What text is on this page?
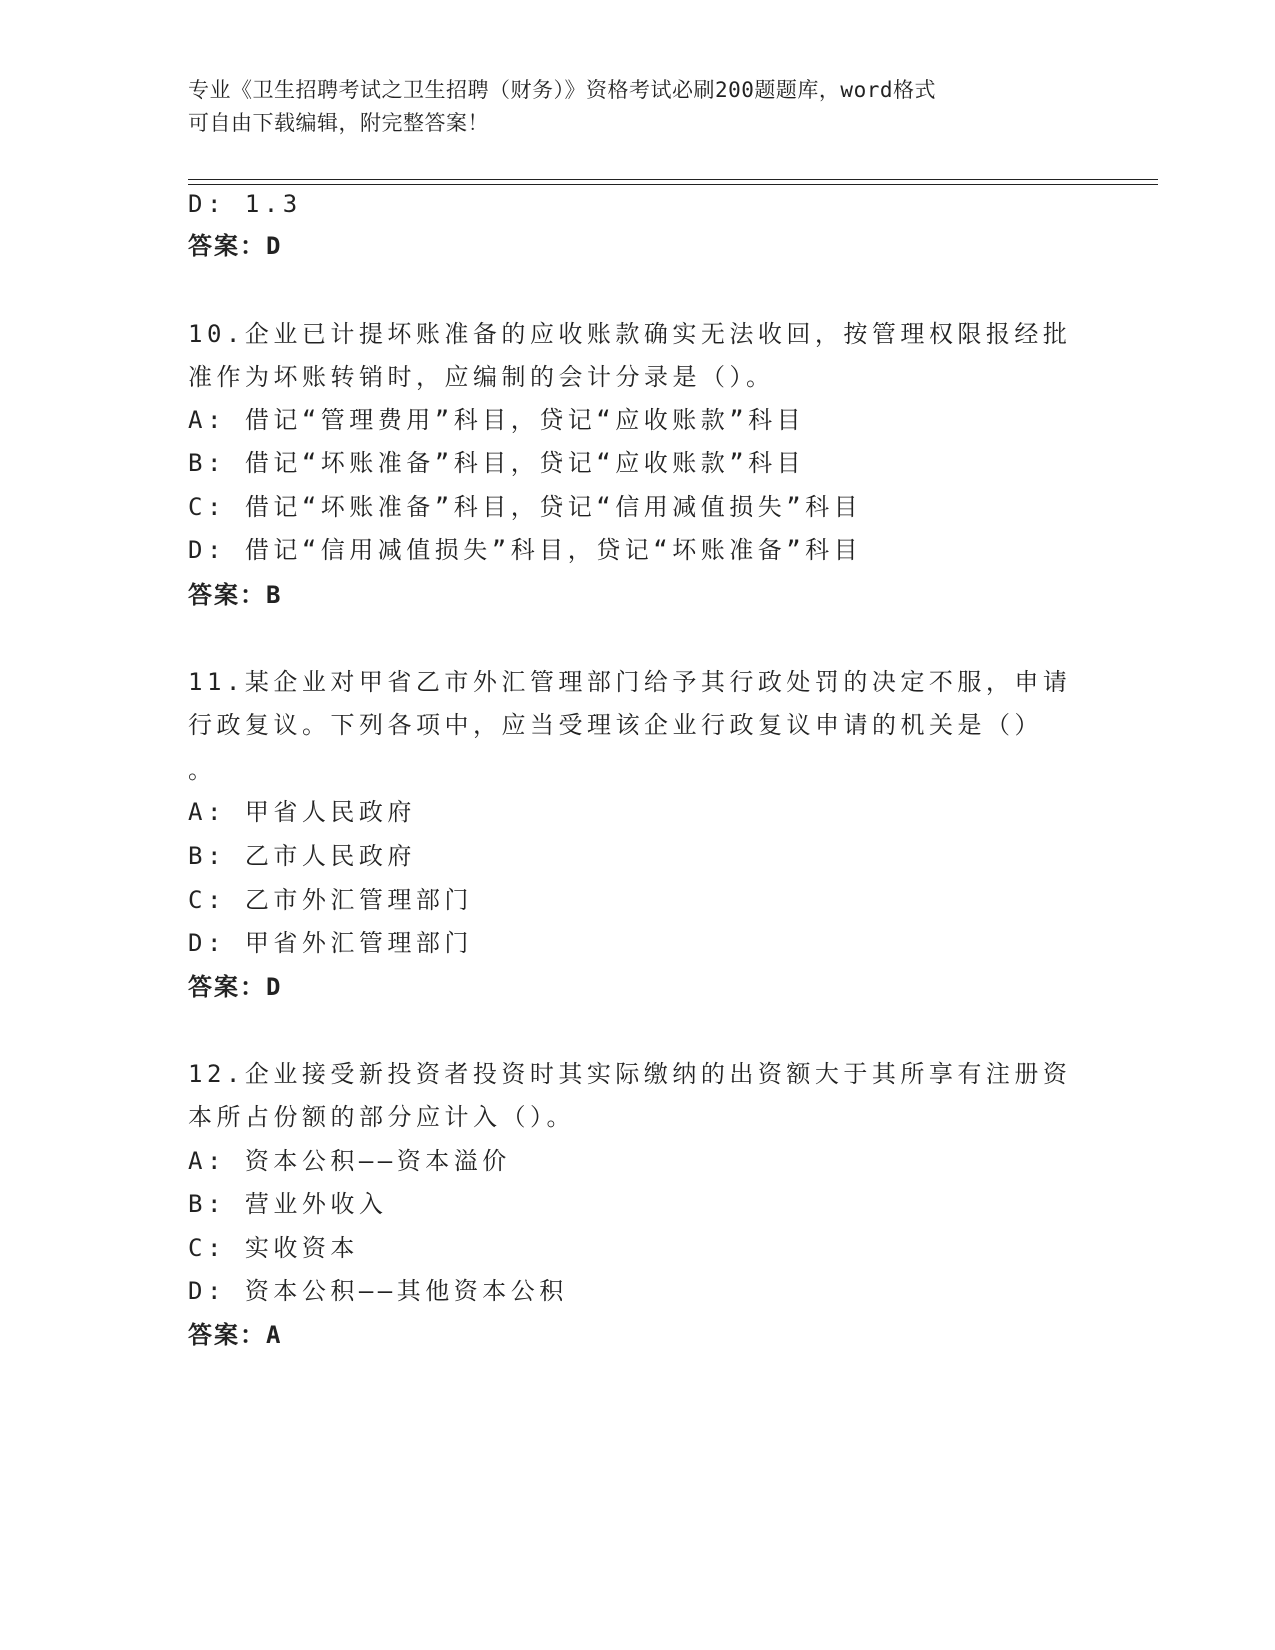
专业《卫生招聘考试之卫生招聘（财务）》资格考试必刷200题题库，word格式
可自由下载编辑，附完整答案！
D: 1.3
答案：D
10.企业已计提坏账准备的应收账款确实无法收回，按管理权限报经批
准作为坏账转销时，应编制的会计分录是（）。
A: 借记“管理费用”科目，贷记“应收账款”科目
B: 借记“坏账准备”科目，贷记“应收账款”科目
C: 借记“坏账准备”科目，贷记“信用减值损失”科目
D: 借记“信用减值损失”科目，贷记“坏账准备”科目
答案：B
11.某企业对甲省乙市外汇管理部门给予其行政处罚的决定不服，申请
行政复议。下列各项中，应当受理该企业行政复议申请的机关是（）
。
A: 甲省人民政府
B: 乙市人民政府
C: 乙市外汇管理部门
D: 甲省外汇管理部门
答案：D
12.企业接受新投资者投资时其实际缴纳的出资额大于其所享有注册资
本所占份额的部分应计入（）。
A: 资本公积——资本溢价
B: 营业外收入
C: 实收资本
D: 资本公积——其他资本公积
答案：A
